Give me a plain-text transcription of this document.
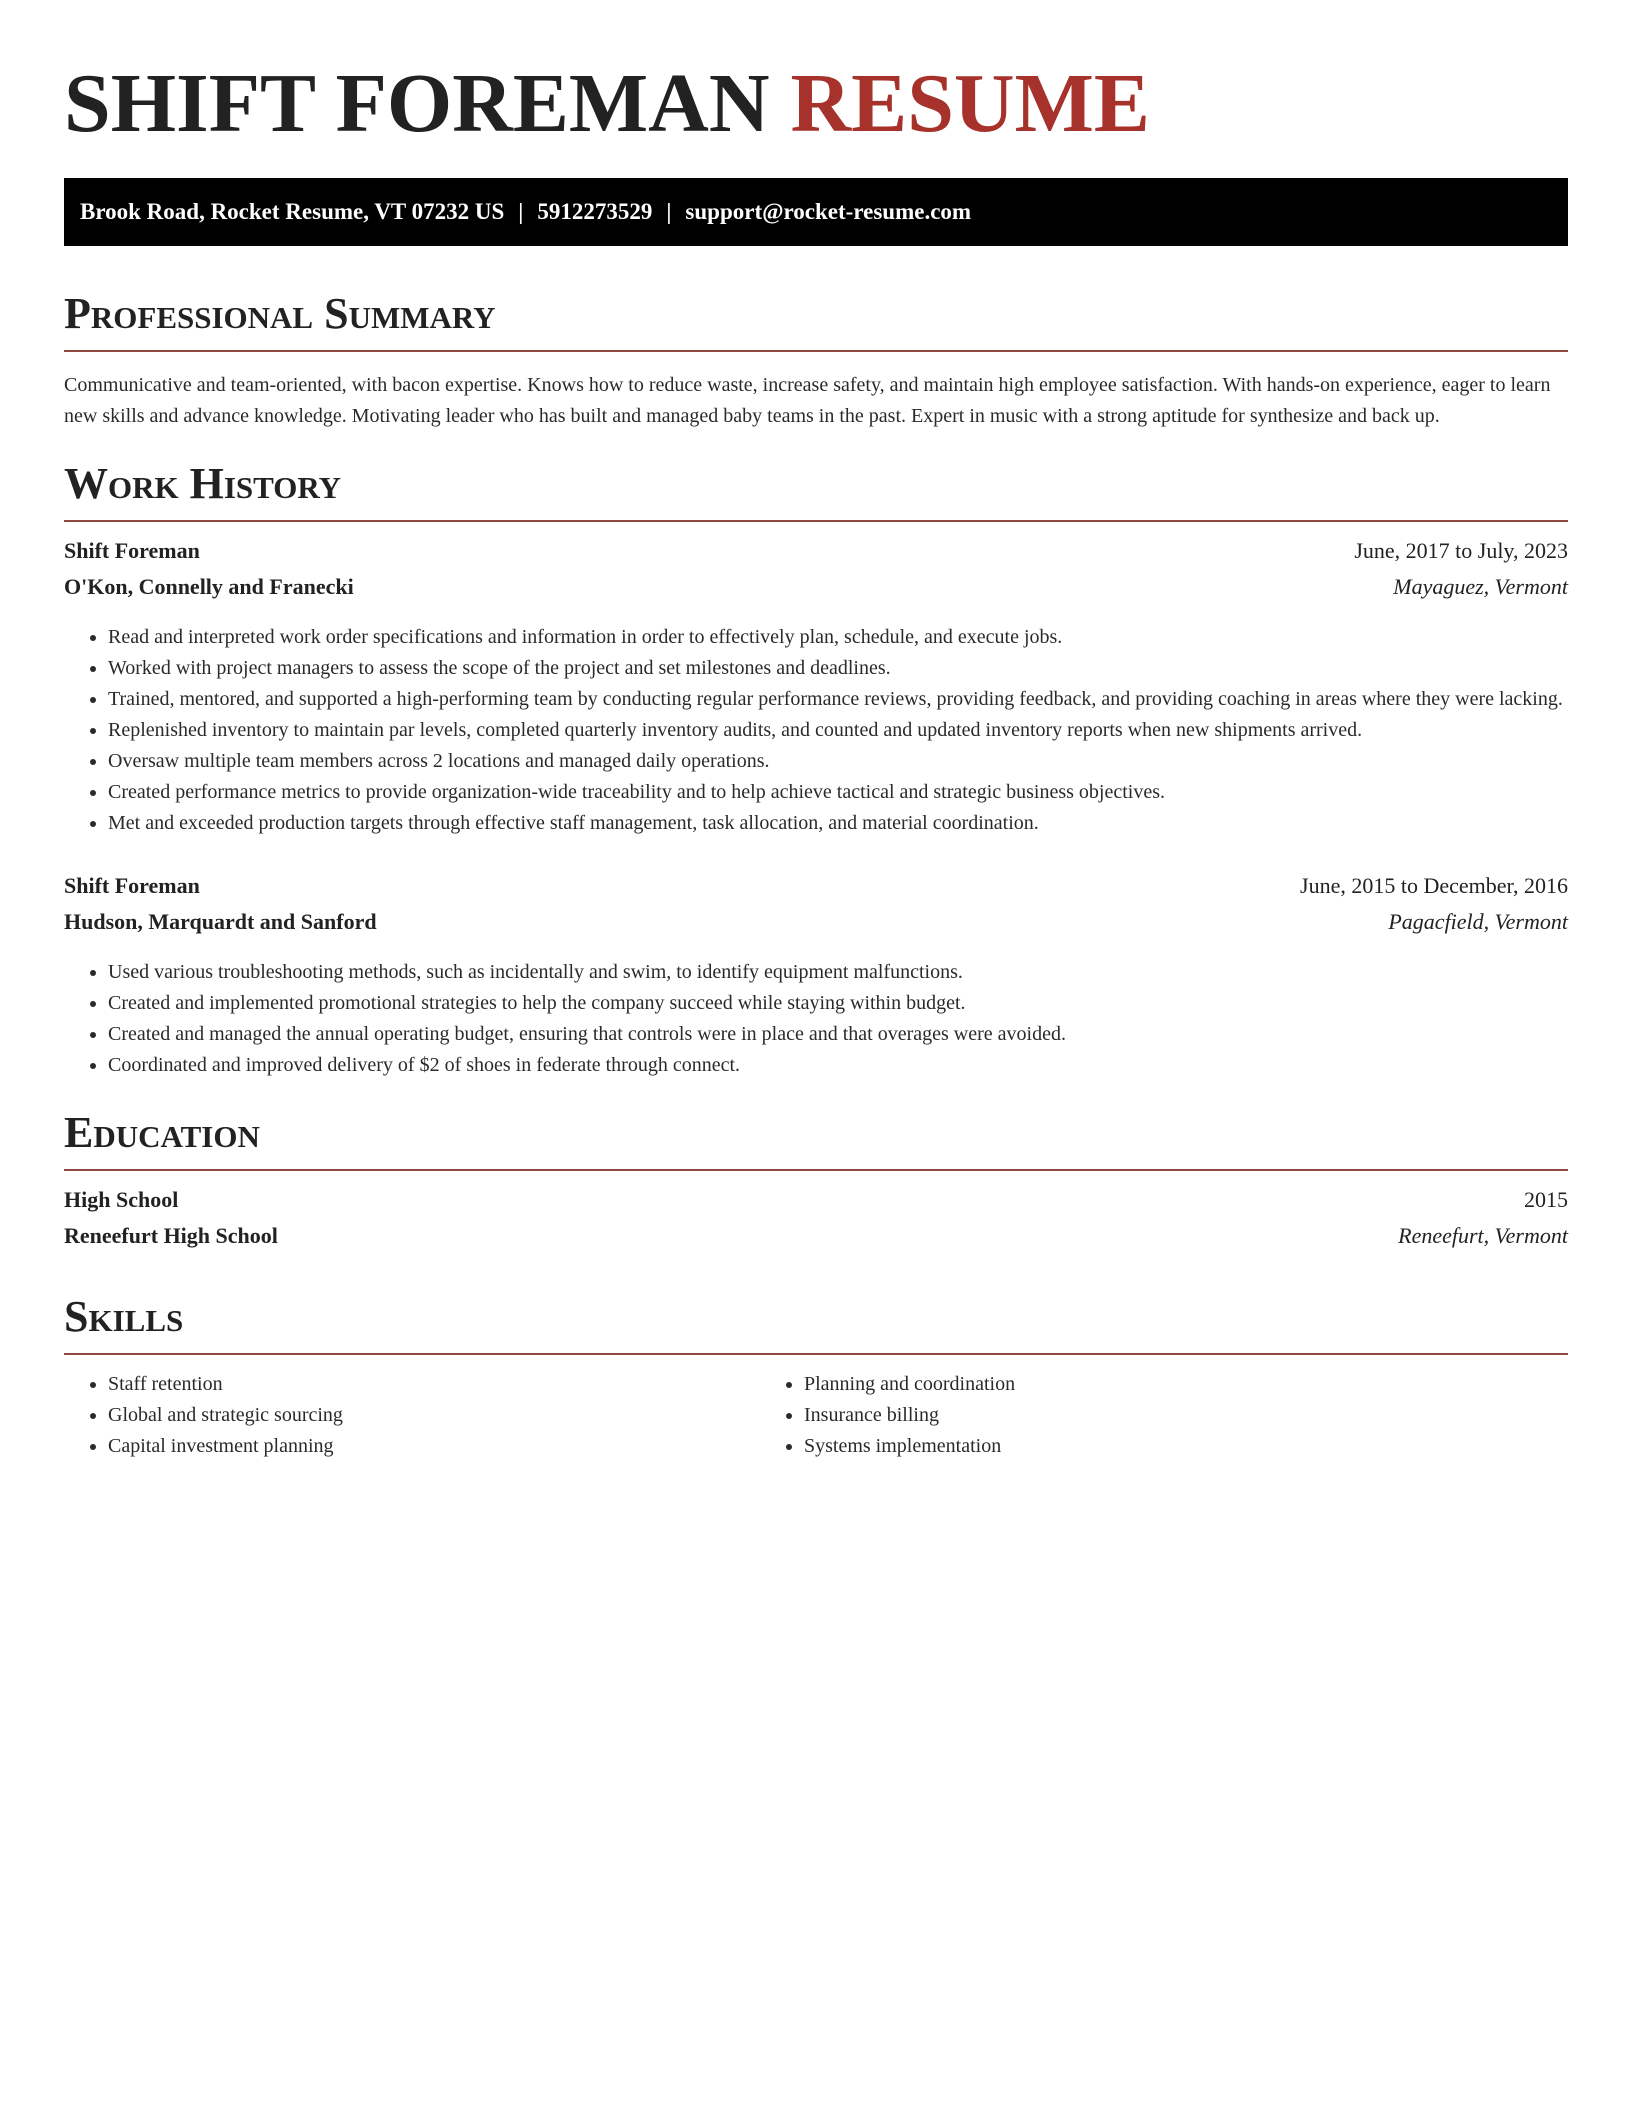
SHIFT FOREMAN RESUME
Brook Road, Rocket Resume, VT 07232 US | 5912273529 | support@rocket-resume.com
Professional Summary

Communicative and team-oriented, with bacon expertise. Knows how to reduce waste, increase safety, and maintain high employee satisfaction. With hands-on experience, eager to learn new skills and advance knowledge. Motivating leader who has built and managed baby teams in the past. Expert in music with a strong aptitude for synthesize and back up.

Work History
Shift Foreman	June, 2017 to July, 2023
O'Kon, Connelly and Franecki	Mayaguez, Vermont
• Read and interpreted work order specifications and information in order to effectively plan, schedule, and execute jobs.
• Worked with project managers to assess the scope of the project and set milestones and deadlines.
• Trained, mentored, and supported a high-performing team by conducting regular performance reviews, providing feedback, and providing coaching in areas where they were lacking.
• Replenished inventory to maintain par levels, completed quarterly inventory audits, and counted and updated inventory reports when new shipments arrived.
• Oversaw multiple team members across 2 locations and managed daily operations.
• Created performance metrics to provide organization-wide traceability and to help achieve tactical and strategic business objectives.
• Met and exceeded production targets through effective staff management, task allocation, and material coordination.
Shift Foreman	June, 2015 to December, 2016
Hudson, Marquardt and Sanford	Pagacfield, Vermont
• Used various troubleshooting methods, such as incidentally and swim, to identify equipment malfunctions.
• Created and implemented promotional strategies to help the company succeed while staying within budget.
• Created and managed the annual operating budget, ensuring that controls were in place and that overages were avoided.
• Coordinated and improved delivery of $2 of shoes in federate through connect.
Education
High School	2015
Reneefurt High School	Reneefurt, Vermont
Skills
• Staff retention
• Global and strategic sourcing
• Capital investment planning
• Planning and coordination
• Insurance billing
• Systems implementation
